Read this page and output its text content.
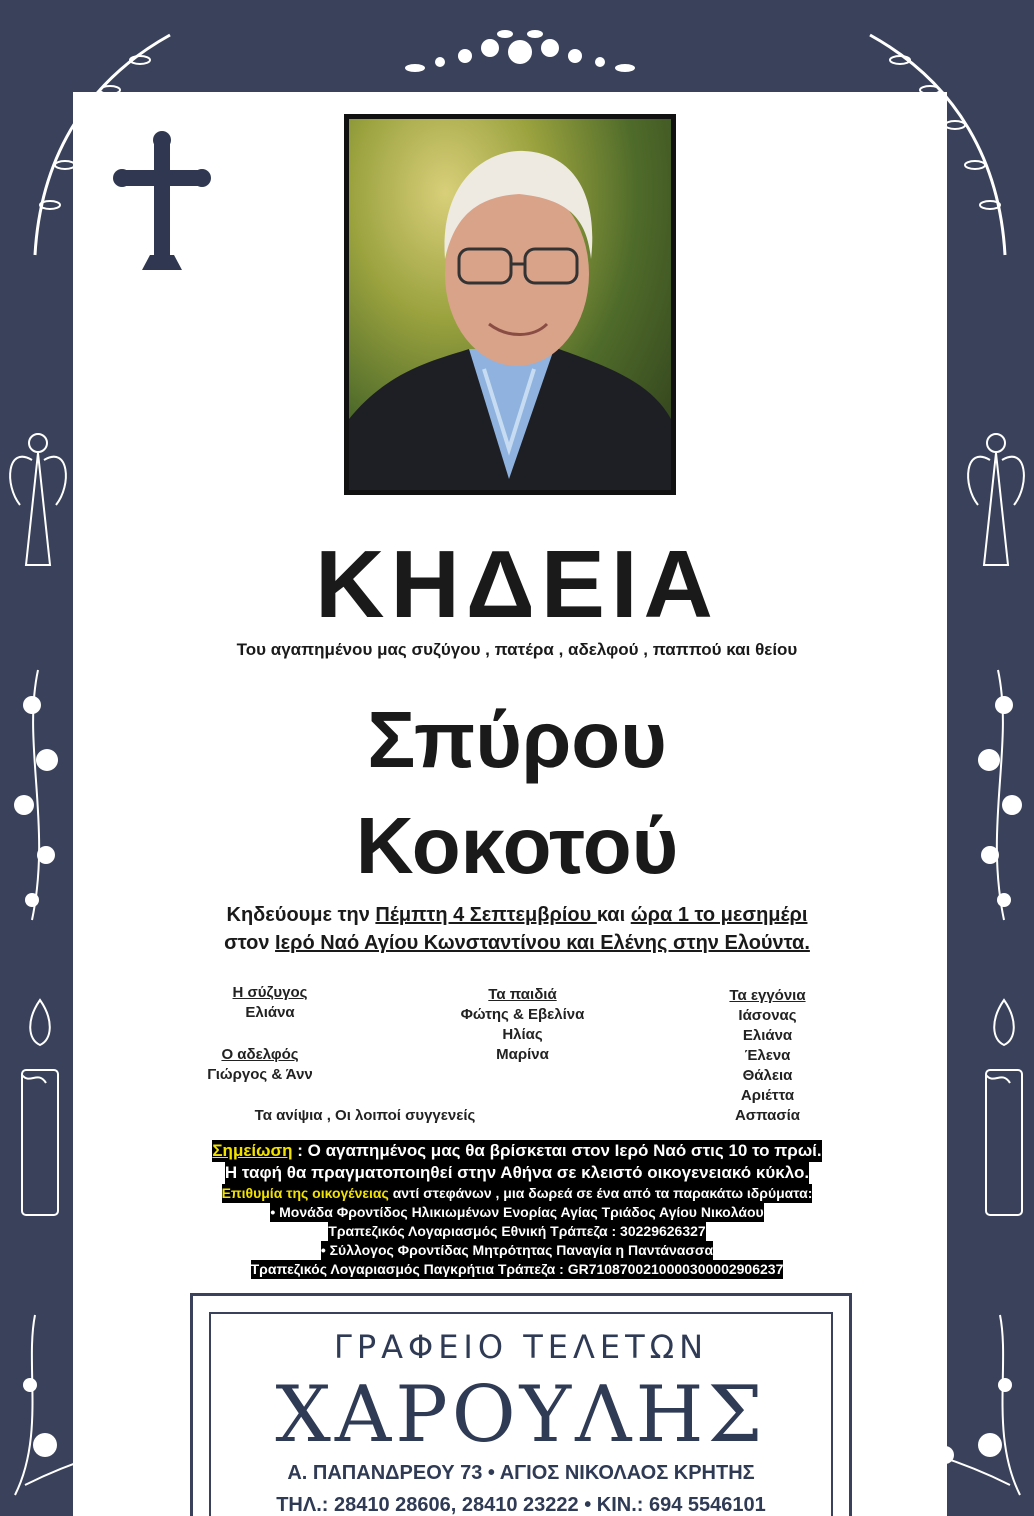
ΚΗΔΕΙΑ
Του αγαπημένου μας συζύγου , πατέρα , αδελφού , παππού και θείου
Σπύρου
Κοκοτού
Κηδεύουμε την Πέμπτη 4 Σεπτεμβρίου και ώρα 1 το μεσημέρι
στον Ιερό Ναό Αγίου Κωνσταντίνου και Ελένης στην Ελούντα.
Η σύζυγος
Ελιάνα
Ο αδελφός
Γιώργος & Άνν
Τα ανίψια , Οι λοιποί συγγενείς
Τα παιδιά
Φώτης & Εβελίνα
Ηλίας
Μαρίνα
Τα εγγόνια
Ιάσονας
Ελιάνα
Έλενα
Θάλεια
Αριέττα
Ασπασία
Σημείωση : Ο αγαπημένος μας θα βρίσκεται στον Ιερό Ναό στις 10 το πρωί.
Η ταφή θα πραγματοποιηθεί στην Αθήνα σε κλειστό οικογενειακό κύκλο.
Επιθυμία της οικογένειας αντί στεφάνων , μια δωρεά σε ένα από τα παρακάτω ιδρύματα:
• Μονάδα Φροντίδος Ηλικιωμένων Ενορίας Αγίας Τριάδος Αγίου Νικολάου
Τραπεζικός Λογαριασμός Εθνική Τράπεζα : 30229626327
• Σύλλογος Φροντίδας Μητρότητας Παναγία η Παντάνασσα
Τραπεζικός Λογαριασμός Παγκρήτια Τράπεζα : GR7108700210000300002906237
ΓΡΑΦΕΙΟ ΤΕΛΕΤΩΝ
ΧΑΡΟΥΛΗΣ
Α. ΠΑΠΑΝΔΡΕΟΥ 73 • ΑΓΙΟΣ ΝΙΚΟΛΑΟΣ ΚΡΗΤΗΣ
ΤΗΛ.: 28410 28606, 28410 23222 • ΚΙΝ.: 694 5546101
